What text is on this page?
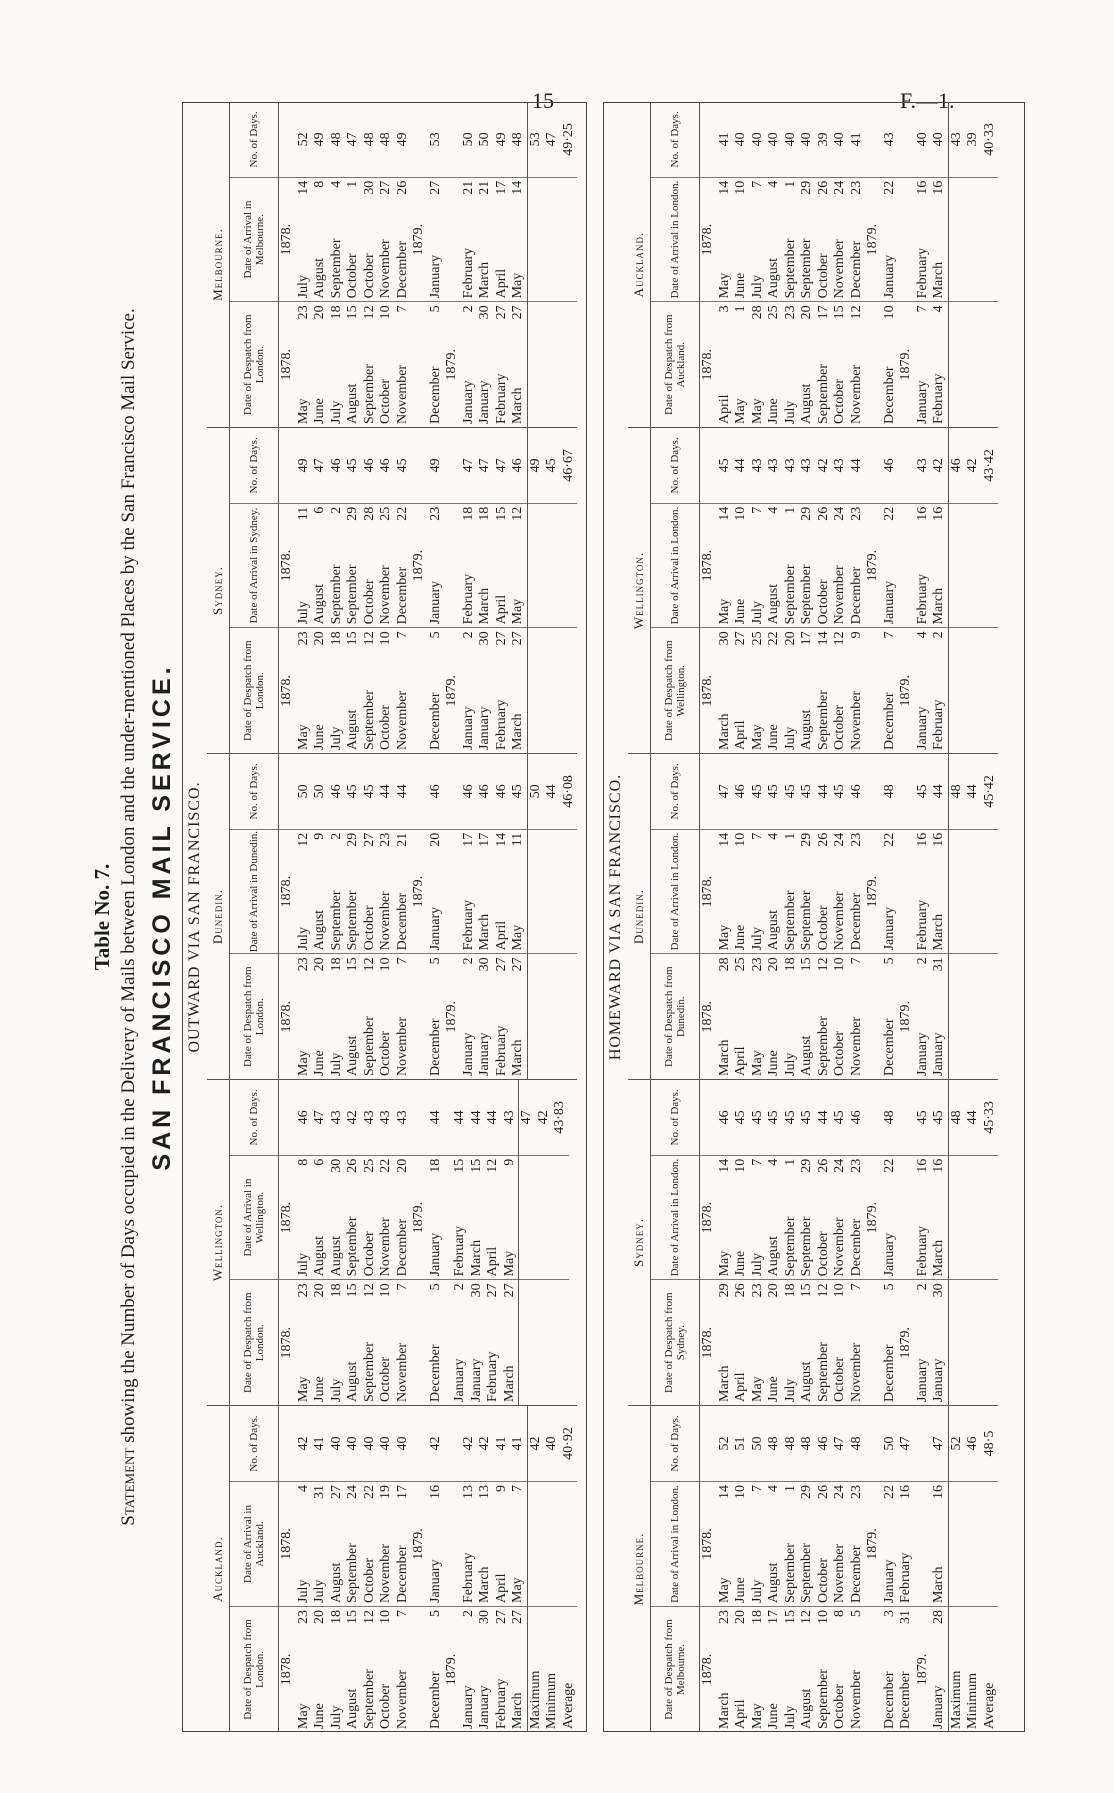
15	F.—1.
Table No. 7.
Statement showing the Number of Days occupied in the Delivery of Mails between London and the under-mentioned Places by the San Francisco Mail Service. SAN FRANCISCO MAIL SERVICE. OUTWARD VIA SAN FRANCISCO.
Auckland.
Date of Despatch from London.
Date of Arrival in Auckland.
No. of Days.
1878.
1878.
May
23
July
4
42
June
20
July
31
41
July
18
August
27
40
August
15
September
24
40
September
12
October
22
40
October
10
November
19
40
November
7
December
17
40
1879.
December
5
January
16
42
1879.
January
2
February
13
42
January
30
March
13
42
February
27
April
9
41
March
27
May
7
41
Maximum
42
Minimum
40
Average
40·92
Wellington.
Date of Despatch from London.
Date of Arrival in Wellington.
No. of Days.
1878.
1878.
May
23
July
8
46
June
20
August
6
47
July
18
August
30
43
August
15
September
26
42
September
12
October
25
43
October
10
November
22
43
November
7
December
20
43
1879.
December
5
January
18
44
January
2
February
15
44
January
30
March
15
44
February
27
April
12
44
March
27
May
9
43 47 42 43·83
Dunedin.
Date of Despatch from London.
Date of Arrival in Dunedin.
No. of Days.
1878.
1878.
May
23
July
12
50
June
20
August
9
50
July
18
September
2
46
August
15
September
29
45
September
12
October
27
45
October
10
November
23
44
November
7
December
21
44
1879.
December
5
January
20
46
1879.
January
2
February
17
46
January
30
March
17
46
February
27
April
14
46
March
27
May
11
45 50 44 46·08
Sydney.
Date of Despatch from London.
Date of Arrival in Sydney.
No. of Days.
1878.
1878.
May
23
July
11
49
June
20
August
6
47
July
18
September
2
46
August
15
September
29
45
September
12
October
28
46
October
10
November
25
46
November
7
December
22
45
1879.
December
5
January
23
49
1879.
January
2
February
18
47
January
30
March
18
47
February
27
April
15
47
March
27
May
12
46 49 45 46·67
Melbourne.
Date of Despatch from London.
Date of Arrival in Melbourne.
No. of Days.
1878.
1878.
May
23
July
14
52
June
20
August
8
49
July
18
September
4
48
August
15
October
1
47
September
12
October
30
48
October
10
November
27
48
November
7
December
26
49
1879.
December
5
January
27
53
1879.
January
2
February
21
50
January
30
March
21
50
February
27
April
17
49
March
27
May
14
48 53 47 49·25
HOMEWARD VIA SAN FRANCISCO.
Melbourne.
Date of Despatch from Melbourne.
Date of Arrival in London.
No. of Days.
1878.
1878.
March
23
May
14
52
April
20
June
10
51
May
18
July
7
50
June
17
August
4
48
July
15
September
1
48
August
12
September
29
48
September
10
October
26
46
October
8
November
24
47
November
5
December
23
48
1879.
December
3
January
22
50
December
31
February
16
47
1879.
January
28
March
16
47
Maximum
52
Minimum
46
Average
48·5
Sydney.
Date of Despatch from Sydney.
Date of Arrival in London.
No. of Days.
1878.
1878.
March
29
May
14
46
April
26
June
10
45
May
23
July
7
45
June
20
August
4
45
July
18
September
1
45
August
15
September
29
45
September
12
October
26
44
October
10
November
24
45
November
7
December
23
46
1879.
December
5
January
22
48
1879.
January
2
February
16
45
January
30
March
16
45 48 44 45·33
Dunedin.
Date of Despatch from Dunedin.
Date of Arrival in London.
No. of Days.
1878.
1878.
March
28
May
14
47
April
25
June
10
46
May
23
July
7
45
June
20
August
4
45
July
18
September
1
45
August
15
September
29
45
September
12
October
26
44
October
10
November
24
45
November
7
December
23
46
1879.
December
5
January
22
48
1879.
January
2
February
16
45
January
31
March
16
44 48 44 45·42
Wellington.
Date of Despatch from Wellington.
Date of Arrival in London.
No. of Days.
1878.
1878.
March
30
May
14
45
April
27
June
10
44
May
25
July
7
43
June
22
August
4
43
July
20
September
1
43
August
17
September
29
43
September
14
October
26
42
October
12
November
24
43
November
9
December
23
44
1879.
December
7
January
22
46
1879.
January
4
February
16
43
February
2
March
16
42 46 42 43·42
Auckland.
Date of Despatch from Auckland.
Date of Arrival in London.
No. of Days.
1878.
1878.
April
3
May
14
41
May
1
June
10
40
May
28
July
7
40
June
25
August
4
40
July
23
September
1
40
August
20
September
29
40
September
17
October
26
39
October
15
November
24
40
November
12
December
23
41
1879.
December
10
January
22
43
1879.
January
7
February
16
40
February
4
March
16
40 43 39 40·33
